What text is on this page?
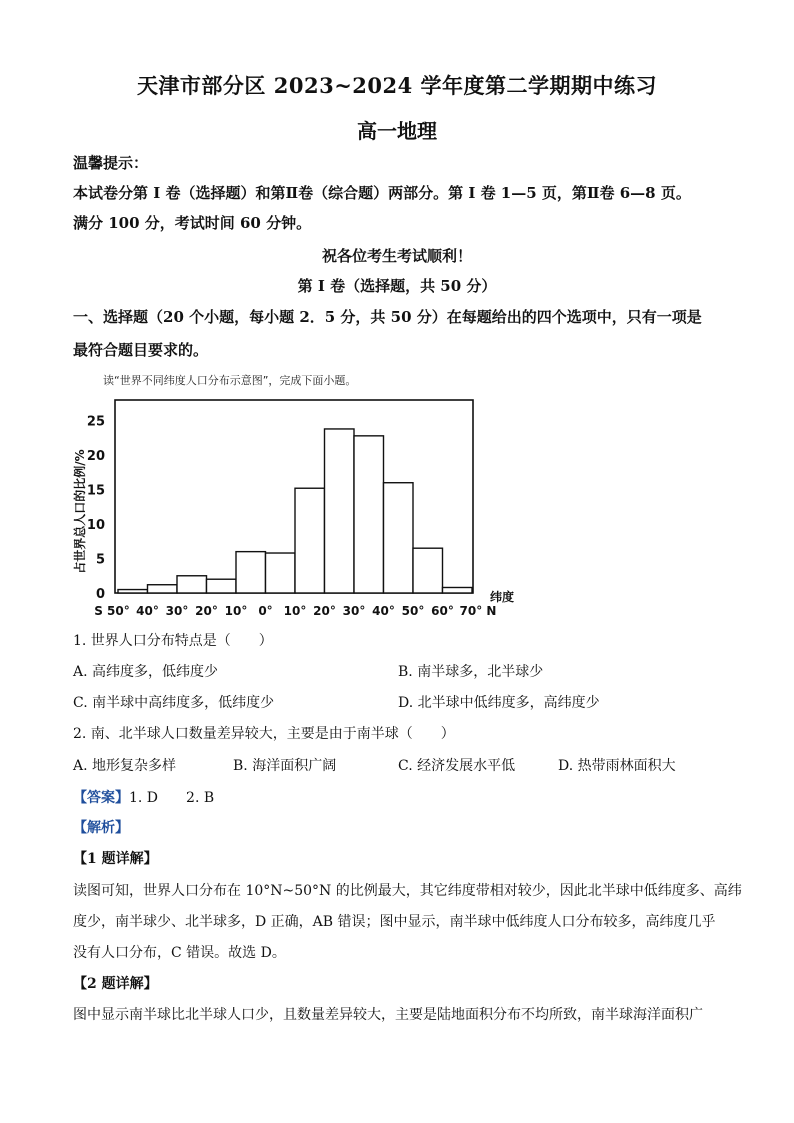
天津市部分区 2023~2024 学年度第二学期期中练习
高一地理
温馨提示：
本试卷分第 I 卷（选择题）和第Ⅱ卷（综合题）两部分。第 I 卷 1—5 页，第Ⅱ卷 6—8 页。
满分 100 分，考试时间 60 分钟。
祝各位考生考试顺利！
第 I 卷（选择题，共 50 分）
一、选择题（20 个小题，每小题 2．5 分，共 50 分）在每题给出的四个选项中，只有一项是
最符合题目要求的。
读“世界不同纬度人口分布示意图”，完成下面小题。
0
5
10
15
20
25
S 50° 40° 30° 20° 10° 0° 10° 20° 30° 40° 50° 60° 70° N
纬度
占世界总人口的比例/%
1. 世界人口分布特点是（　　）
A. 高纬度多，低纬度少	B. 南半球多，北半球少
C. 南半球中高纬度多，低纬度少	D. 北半球中低纬度多，高纬度少
2. 南、北半球人口数量差异较大，主要是由于南半球（　　）
A. 地形复杂多样	B. 海洋面积广阔	C. 经济发展水平低	D. 热带雨林面积大
【答案】1. D　　2. B
【解析】
【1 题详解】
读图可知，世界人口分布在 10°N~50°N 的比例最大，其它纬度带相对较少，因此北半球中低纬度多、高纬
度少，南半球少、北半球多，D 正确，AB 错误；图中显示，南半球中低纬度人口分布较多，高纬度几乎
没有人口分布，C 错误。故选 D。
【2 题详解】
图中显示南半球比北半球人口少，且数量差异较大，主要是陆地面积分布不均所致，南半球海洋面积广
